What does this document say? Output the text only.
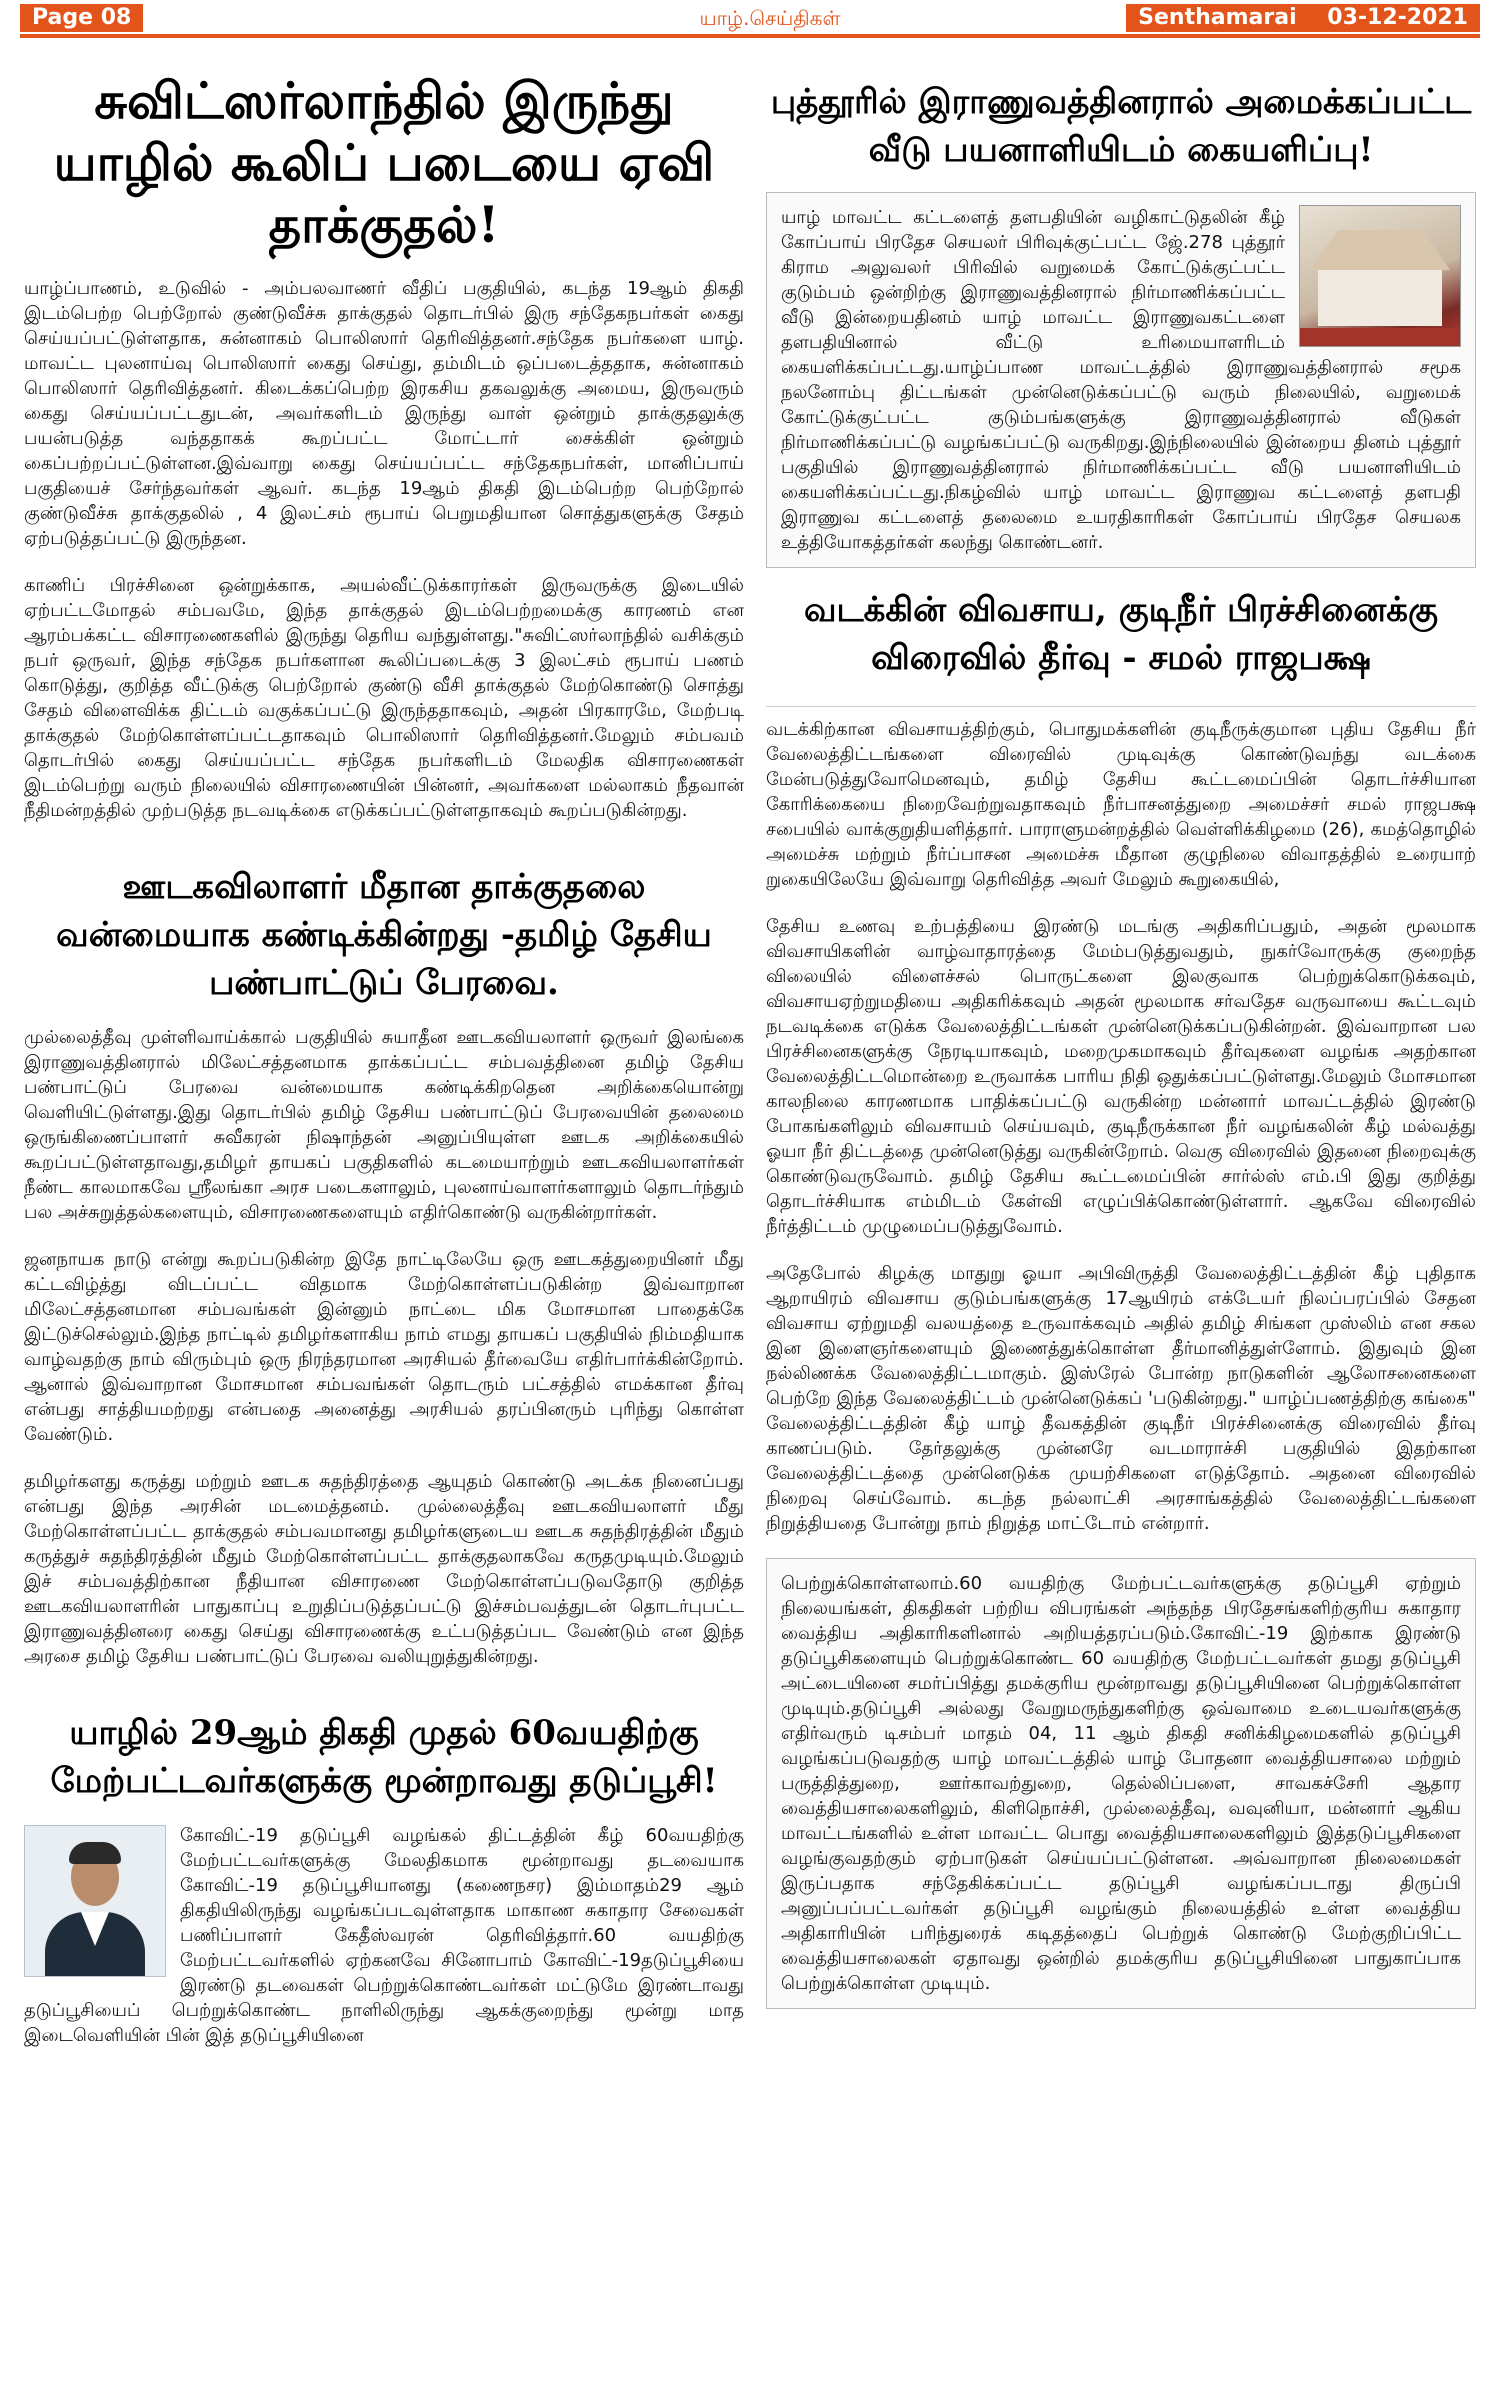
Page 08	யாழ்.செய்திகள்	Senthamarai 03-12-2021
சுவிட்ஸர்லாந்தில் இருந்து யாழில் கூலிப் படையை ஏவி தாக்குதல்!

யாழ்ப்பாணம், உடுவில் - அம்பலவாணர் வீதிப் பகுதியில், கடந்த 19ஆம் திகதி இடம்பெற்ற பெற்றோல் குண்டுவீச்சு தாக்குதல் தொடர்பில் இரு சந்தேகநபர்கள் கைது செய்யப்பட்டுள்ளதாக, சுன்னாகம் பொலிஸார் தெரிவித்தனர்.சந்தேக நபர்களை யாழ். மாவட்ட புலனாய்வு பொலிஸார் கைது செய்து, தம்மிடம் ஒப்படைத்ததாக, சுன்னாகம் பொலிஸார் தெரிவித்தனர். கிடைக்கப்பெற்ற இரகசிய தகவலுக்கு அமைய, இருவரும் கைது செய்யப்பட்டதுடன், அவர்களிடம் இருந்து வாள் ஒன்றும் தாக்குதலுக்கு பயன்படுத்த வந்ததாகக் கூறப்பட்ட மோட்டார் சைக்கிள் ஒன்றும் கைப்பற்றப்பட்டுள்ளன.இவ்வாறு கைது செய்யப்பட்ட சந்தேகநபர்கள், மானிப்பாய் பகுதியைச் சேர்ந்தவர்கள் ஆவர். கடந்த 19ஆம் திகதி இடம்பெற்ற பெற்றோல் குண்டுவீச்சு தாக்குதலில் , 4 இலட்சம் ரூபாய் பெறுமதியான சொத்துகளுக்கு சேதம் ஏற்படுத்தப்பட்டு இருந்தன.

காணிப் பிரச்சினை ஒன்றுக்காக, அயல்வீட்டுக்காரர்கள் இருவருக்கு இடையில் ஏற்பட்டமோதல் சம்பவமே, இந்த தாக்குதல் இடம்பெற்றமைக்கு காரணம் என ஆரம்பக்கட்ட விசாரணைகளில் இருந்து தெரிய வந்துள்ளது."சுவிட்ஸர்லாந்தில் வசிக்கும் நபர் ஒருவர், இந்த சந்தேக நபர்களான கூலிப்படைக்கு 3 இலட்சம் ரூபாய் பணம் கொடுத்து, குறித்த வீட்டுக்கு பெற்றோல் குண்டு வீசி தாக்குதல் மேற்கொண்டு சொத்து சேதம் விளைவிக்க திட்டம் வகுக்கப்பட்டு இருந்ததாகவும், அதன் பிரகாரமே, மேற்படி தாக்குதல் மேற்கொள்ளப்பட்டதாகவும் பொலிஸார் தெரிவித்தனர்.மேலும் சம்பவம் தொடர்பில் கைது செய்யப்பட்ட சந்தேக நபர்களிடம் மேலதிக விசாரணைகள் இடம்பெற்று வரும் நிலையில் விசாரணையின் பின்னர், அவர்களை மல்லாகம் நீதவான் நீதிமன்றத்தில் முற்படுத்த நடவடிக்கை எடுக்கப்பட்டுள்ளதாகவும் கூறப்படுகின்றது.

ஊடகவிலாளர் மீதான தாக்குதலை வன்மையாக கண்டிக்கின்றது -தமிழ் தேசிய பண்பாட்டுப் பேரவை.

முல்லைத்தீவு முள்ளிவாய்க்கால் பகுதியில் சுயாதீன ஊடகவியலாளர் ஒருவர் இலங்கை இராணுவத்தினரால் மிலேட்சத்தனமாக தாக்கப்பட்ட சம்பவத்தினை தமிழ் தேசிய பண்பாட்டுப் பேரவை வன்மையாக கண்டிக்கிறதென அறிக்கையொன்று வெளியிட்டுள்ளது.இது தொடர்பில் தமிழ் தேசிய பண்பாட்டுப் பேரவையின் தலைமை ஒருங்கிணைப்பாளர் சுவீகரன் நிஷாந்தன் அனுப்பியுள்ள ஊடக அறிக்கையில் கூறப்பட்டுள்ளதாவது,தமிழர் தாயகப் பகுதிகளில் கடமையாற்றும் ஊடகவியலாளர்கள் நீண்ட காலமாகவே ஸ்ரீலங்கா அரச படைகளாலும், புலனாய்வாளர்களாலும் தொடர்ந்தும் பல அச்சுறுத்தல்களையும், விசாரணைகளையும் எதிர்கொண்டு வருகின்றார்கள்.

ஜனநாயக நாடு என்று கூறப்படுகின்ற இதே நாட்டிலேயே ஒரு ஊடகத்துறையினர் மீது கட்டவிழ்த்து விடப்பட்ட விதமாக மேற்கொள்ளப்படுகின்ற இவ்வாறான மிலேட்சத்தனமான சம்பவங்கள் இன்னும் நாட்டை மிக மோசமான பாதைக்கே இட்டுச்செல்லும்.இந்த நாட்டில் தமிழர்களாகிய நாம் எமது தாயகப் பகுதியில் நிம்மதியாக வாழ்வதற்கு நாம் விரும்பும் ஒரு நிரந்தரமான அரசியல் தீர்வையே எதிர்பார்க்கின்றோம். ஆனால் இவ்வாறான மோசமான சம்பவங்கள் தொடரும் பட்சத்தில் எமக்கான தீர்வு என்பது சாத்தியமற்றது என்பதை அனைத்து அரசியல் தரப்பினரும் புரிந்து கொள்ள வேண்டும்.

தமிழர்களது கருத்து மற்றும் ஊடக சுதந்திரத்தை ஆயுதம் கொண்டு அடக்க நினைப்பது என்பது இந்த அரசின் மடமைத்தனம். முல்லைத்தீவு ஊடகவியலாளர் மீது மேற்கொள்ளப்பட்ட தாக்குதல் சம்பவமானது தமிழர்களுடைய ஊடக சுதந்திரத்தின் மீதும் கருத்துச் சுதந்திரத்தின் மீதும் மேற்கொள்ளப்பட்ட தாக்குதலாகவே கருதமுடியும்.மேலும் இச் சம்பவத்திற்கான நீதியான விசாரணை மேற்கொள்ளப்படுவதோடு குறித்த ஊடகவியலாளரின் பாதுகாப்பு உறுதிப்படுத்தப்பட்டு இச்சம்பவத்துடன் தொடர்புபட்ட இராணுவத்தினரை கைது செய்து விசாரணைக்கு உட்படுத்தப்பட வேண்டும் என இந்த அரசை தமிழ் தேசிய பண்பாட்டுப் பேரவை வலியுறுத்துகின்றது.

யாழில் 29ஆம் திகதி முதல் 60வயதிற்கு மேற்பட்டவர்களுக்கு மூன்றாவது தடுப்பூசி!

கோவிட்-19 தடுப்பூசி வழங்கல் திட்டத்தின் கீழ் 60வயதிற்கு மேற்பட்டவர்களுக்கு மேலதிகமாக மூன்றாவது தடவையாக கோவிட்-19 தடுப்பூசியானது (கணைநசர) இம்மாதம்29 ஆம் திகதியிலிருந்து வழங்கப்படவுள்ளதாக மாகாண சுகாதார சேவைகள் பணிப்பாளர் கேதீஸ்வரன் தெரிவித்தார்.60 வயதிற்கு மேற்பட்டவர்களில் ஏற்கனவே சினோபாம் கோவிட்-19தடுப்பூசியை இரண்டு தடவைகள் பெற்றுக்கொண்டவர்கள் மட்டுமே இரண்டாவது தடுப்பூசியைப் பெற்றுக்கொண்ட நாளிலிருந்து ஆகக்குறைந்து மூன்று மாத இடைவெளியின் பின் இத் தடுப்பூசியினை

புத்தூரில் இராணுவத்தினரால் அமைக்கப்பட்ட வீடு பயனாளியிடம் கையளிப்பு!

யாழ் மாவட்ட கட்டளைத் தளபதியின் வழிகாட்டுதலின் கீழ் கோப்பாய் பிரதேச செயலர் பிரிவுக்குட்பட்ட ஜே்.278 புத்தூர் கிராம அலுவலர் பிரிவில் வறுமைக் கோட்டுக்குட்பட்ட குடும்பம் ஒன்றிற்கு இராணுவத்தினரால் நிர்மாணிக்கப்பட்ட வீடு இன்றையதினம் யாழ் மாவட்ட இராணுவகட்டளை தளபதியினால் வீட்டு உரிமையாளரிடம் கையளிக்கப்பட்டது.யாழ்ப்பாண மாவட்டத்தில் இராணுவத்தினரால் சமூக நலனோம்பு திட்டங்கள் முன்னெடுக்கப்பட்டு வரும் நிலையில், வறுமைக் கோட்டுக்குட்பட்ட குடும்பங்களுக்கு இராணுவத்தினரால் வீடுகள் நிர்மாணிக்கப்பட்டு வழங்கப்பட்டு வருகிறது.இந்நிலையில் இன்றைய தினம் புத்தூர் பகுதியில் இராணுவத்தினரால் நிர்மாணிக்கப்பட்ட வீடு பயனாளியிடம் கையளிக்கப்பட்டது.நிகழ்வில் யாழ் மாவட்ட இராணுவ கட்டளைத் தளபதி இராணுவ கட்டளைத் தலைமை உயரதிகாரிகள் கோப்பாய் பிரதேச செயலக உத்தியோகத்தர்கள் கலந்து கொண்டனர்.

வடக்கின் விவசாய, குடிநீர் பிரச்சினைக்கு விரைவில் தீர்வு - சமல் ராஜபக்ஷ

வடக்கிற்கான விவசாயத்திற்கும், பொதுமக்களின் குடிநீருக்குமான புதிய தேசிய நீர் வேலைத்திட்டங்களை விரைவில் முடிவுக்கு கொண்டுவந்து வடக்கை மேன்படுத்துவோமெனவும், தமிழ் தேசிய கூட்டமைப்பின் தொடர்ச்சியான கோரிக்கையை நிறைவேற்றுவதாகவும் நீர்பாசனத்துறை அமைச்சர் சமல் ராஜபக்ஷ சபையில் வாக்குறுதியளித்தார். பாராளுமன்றத்தில் வெள்ளிக்கிழமை (26), கமத்தொழில் அமைச்சு மற்றும் நீர்ப்பாசன அமைச்சு மீதான குழுநிலை விவாதத்தில் உரையாற் றுகையிலேயே இவ்வாறு தெரிவித்த அவர் மேலும் கூறுகையில்,

தேசிய உணவு உற்பத்தியை இரண்டு மடங்கு அதிகரிப்பதும், அதன் மூலமாக விவசாயிகளின் வாழ்வாதாரத்தை மேம்படுத்துவதும், நுகர்வோருக்கு குறைந்த விலையில் விளைச்சல் பொருட்களை இலகுவாக பெற்றுக்கொடுக்கவும், விவசாயஏற்றுமதியை அதிகரிக்கவும் அதன் மூலமாக சர்வதேச வருவாயை கூட்டவும் நடவடிக்கை எடுக்க வேலைத்திட்டங்கள் முன்னெடுக்கப்படுகின்றன். இவ்வாறான பல பிரச்சினைகளுக்கு நேரடியாகவும், மறைமுகமாகவும் தீர்வுகளை வழங்க அதற்கான வேலைத்திட்டமொன்றை உருவாக்க பாரிய நிதி ஒதுக்கப்பட்டுள்ளது.மேலும் மோசமான காலநிலை காரணமாக பாதிக்கப்பட்டு வருகின்ற மன்னார் மாவட்டத்தில் இரண்டு போகங்களிலும் விவசாயம் செய்யவும், குடிநீருக்கான நீர் வழங்கலின் கீழ் மல்வத்து ஓயா நீர் திட்டத்தை முன்னெடுத்து வருகின்றோம். வெகு விரைவில் இதனை நிறைவுக்கு கொண்டுவருவோம். தமிழ் தேசிய கூட்டமைப்பின் சார்ல்ஸ் எம்.பி இது குறித்து தொடர்ச்சியாக எம்மிடம் கேள்வி எழுப்பிக்கொண்டுள்ளார். ஆகவே விரைவில் நீர்த்திட்டம் முழுமைப்படுத்துவோம்.

அதேபோல் கிழக்கு மாதுறு ஓயா அபிவிருத்தி வேலைத்திட்டத்தின் கீழ் புதிதாக ஆறாயிரம் விவசாய குடும்பங்களுக்கு 17ஆயிரம் எக்டேயர் நிலப்பரப்பில் சேதன விவசாய ஏற்றுமதி வலயத்தை உருவாக்கவும் அதில் தமிழ் சிங்கள முஸ்லிம் என சகல இன இளைஞர்களையும் இணைத்துக்கொள்ள தீர்மானித்துள்ளோம். இதுவும் இன நல்லிணக்க வேலைத்திட்டமாகும். இஸ்ரேல் போன்ற நாடுகளின் ஆலோசனைகளை பெற்றே இந்த வேலைத்திட்டம் முன்னெடுக்கப் 'படுகின்றது." யாழ்ப்பணத்திற்கு கங்கை" வேலைத்திட்டத்தின் கீழ் யாழ் தீவகத்தின் குடிநீர் பிரச்சினைக்கு விரைவில் தீர்வு காணப்படும். தேர்தலுக்கு முன்னரே வடமாராச்சி பகுதியில் இதற்கான வேலைத்திட்டத்தை முன்னெடுக்க முயற்சிகளை எடுத்தோம். அதனை விரைவில் நிறைவு செய்வோம். கடந்த நல்லாட்சி அரசாங்கத்தில் வேலைத்திட்டங்களை நிறுத்தியதை போன்று நாம் நிறுத்த மாட்டோம் என்றார்.

பெற்றுக்கொள்ளலாம்.60 வயதிற்கு மேற்பட்டவர்களுக்கு தடுப்பூசி ஏற்றும் நிலையங்கள், திகதிகள் பற்றிய விபரங்கள் அந்தந்த பிரதேசங்களிற்குரிய சுகாதார வைத்திய அதிகாரிகளினால் அறியத்தரப்படும்.கோவிட்-19 இற்காக இரண்டு தடுப்பூசிகளையும் பெற்றுக்கொண்ட 60 வயதிற்கு மேற்பட்டவர்கள் தமது தடுப்பூசி அட்டையினை சமர்ப்பித்து தமக்குரிய மூன்றாவது தடுப்பூசியினை பெற்றுக்கொள்ள முடியும்.தடுப்பூசி அல்லது வேறுமருந்துகளிற்கு ஒவ்வாமை உடையவர்களுக்கு எதிர்வரும் டிசம்பர் மாதம் 04, 11 ஆம் திகதி சனிக்கிழமைகளில் தடுப்பூசி வழங்கப்படுவதற்கு யாழ் மாவட்டத்தில் யாழ் போதனா வைத்தியசாலை மற்றும் பருத்தித்துறை, ஊர்காவற்துறை, தெல்லிப்பளை, சாவகச்சேரி ஆதார வைத்தியசாலைகளிலும், கிளிநொச்சி, முல்லைத்தீவு, வவுனியா, மன்னார் ஆகிய மாவட்டங்களில் உள்ள மாவட்ட பொது வைத்தியசாலைகளிலும் இத்தடுப்பூசிகளை வழங்குவதற்கும் ஏற்பாடுகள் செய்யப்பட்டுள்ளன. அவ்வாறான நிலைமைகள் இருப்பதாக சந்தேகிக்கப்பட்ட தடுப்பூசி வழங்கப்படாது திருப்பி அனுப்பப்பட்டவர்கள் தடுப்பூசி வழங்கும் நிலையத்தில் உள்ள வைத்திய அதிகாரியின் பரிந்துரைக் கடிதத்தைப் பெற்றுக் கொண்டு மேற்குறிப்பிட்ட வைத்தியசாலைகள் ஏதாவது ஒன்றில் தமக்குரிய தடுப்பூசியினை பாதுகாப்பாக பெற்றுக்கொள்ள முடியும்.
